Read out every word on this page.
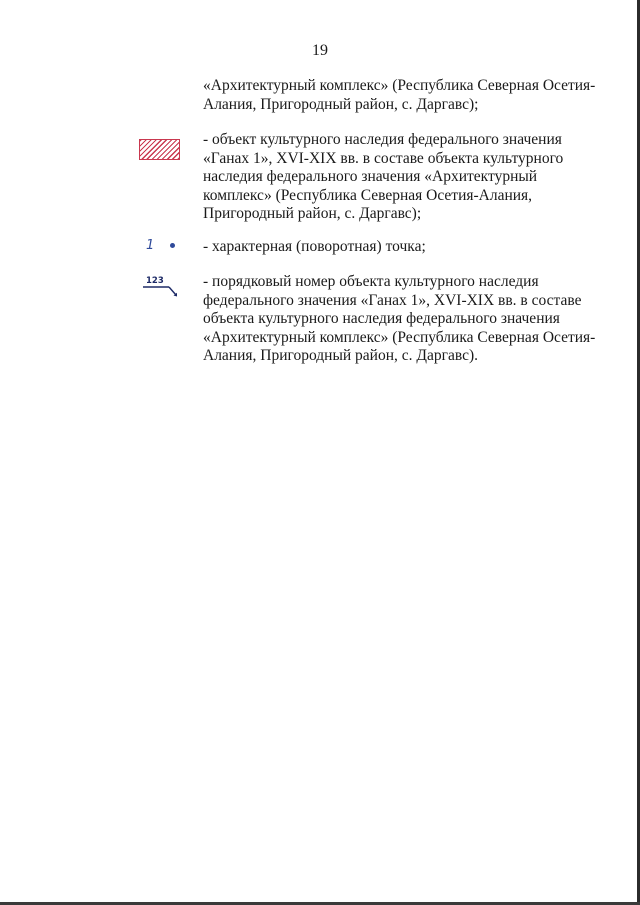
19
«Архитектурный комплекс» (Республика Северная Осетия-
Алания, Пригородный район, с. Даргавс);
- объект культурного наследия федерального значения
«Ганах 1», XVI-XIX вв. в составе объекта культурного
наследия федерального значения «Архитектурный
комплекс» (Республика Северная Осетия-Алания,
Пригородный район, с. Даргавс);
1	- характерная (поворотная) точка;
123	- порядковый номер объекта культурного наследия
федерального значения «Ганах 1», XVI-XIX вв. в составе
объекта культурного наследия федерального значения
«Архитектурный комплекс» (Республика Северная Осетия-
Алания, Пригородный район, с. Даргавс).
